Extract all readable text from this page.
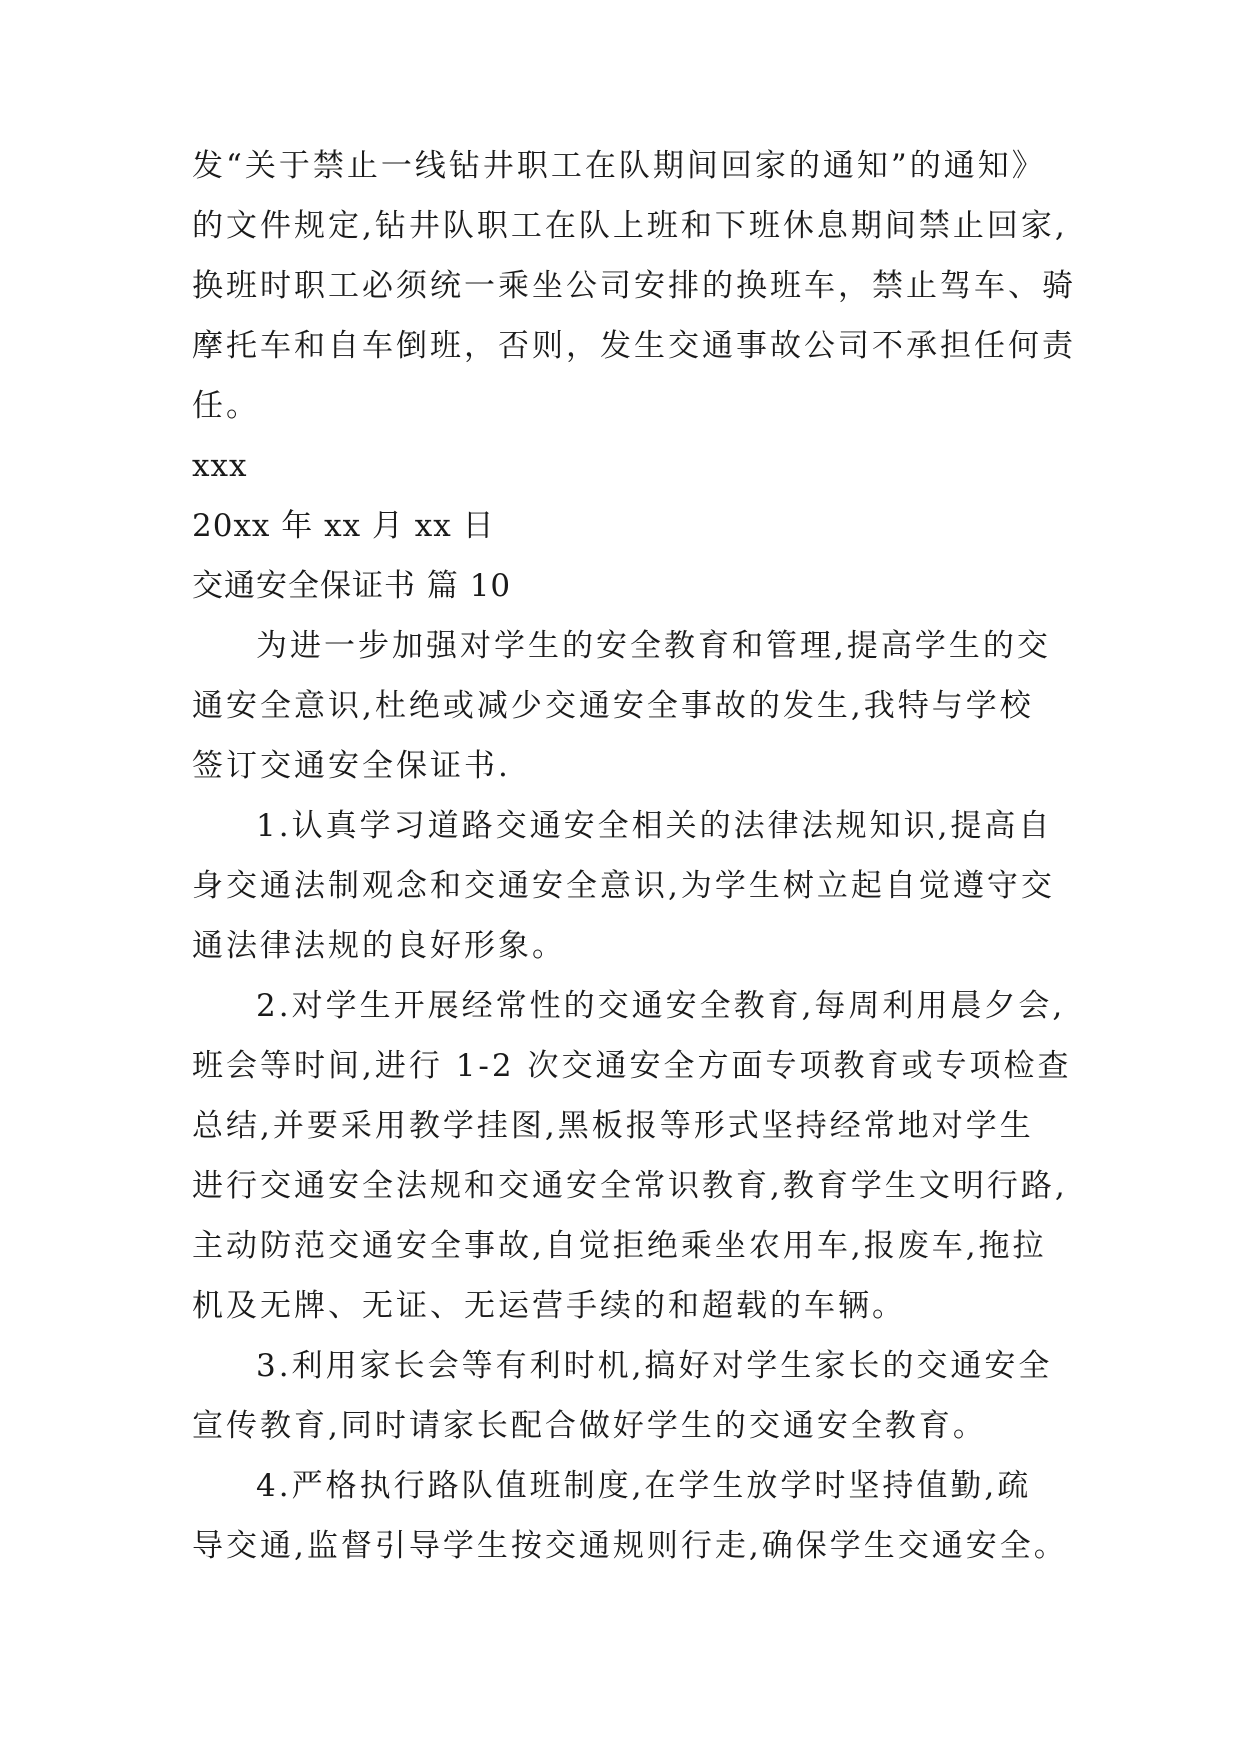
发“关于禁止一线钻井职工在队期间回家的通知”的通知》
的文件规定,钻井队职工在队上班和下班休息期间禁止回家,
换班时职工必须统一乘坐公司安排的换班车，禁止驾车、骑
摩托车和自车倒班，否则，发生交通事故公司不承担任何责
任。
xxx
20xx 年 xx 月 xx 日
交通安全保证书 篇 10
为进一步加强对学生的安全教育和管理,提高学生的交
通安全意识,杜绝或减少交通安全事故的发生,我特与学校
签订交通安全保证书.
1.认真学习道路交通安全相关的法律法规知识,提高自
身交通法制观念和交通安全意识,为学生树立起自觉遵守交
通法律法规的良好形象。
2.对学生开展经常性的交通安全教育,每周利用晨夕会,
班会等时间,进行 1-2 次交通安全方面专项教育或专项检查
总结,并要采用教学挂图,黑板报等形式坚持经常地对学生
进行交通安全法规和交通安全常识教育,教育学生文明行路,
主动防范交通安全事故,自觉拒绝乘坐农用车,报废车,拖拉
机及无牌、无证、无运营手续的和超载的车辆。
3.利用家长会等有利时机,搞好对学生家长的交通安全
宣传教育,同时请家长配合做好学生的交通安全教育。
4.严格执行路队值班制度,在学生放学时坚持值勤,疏
导交通,监督引导学生按交通规则行走,确保学生交通安全。
